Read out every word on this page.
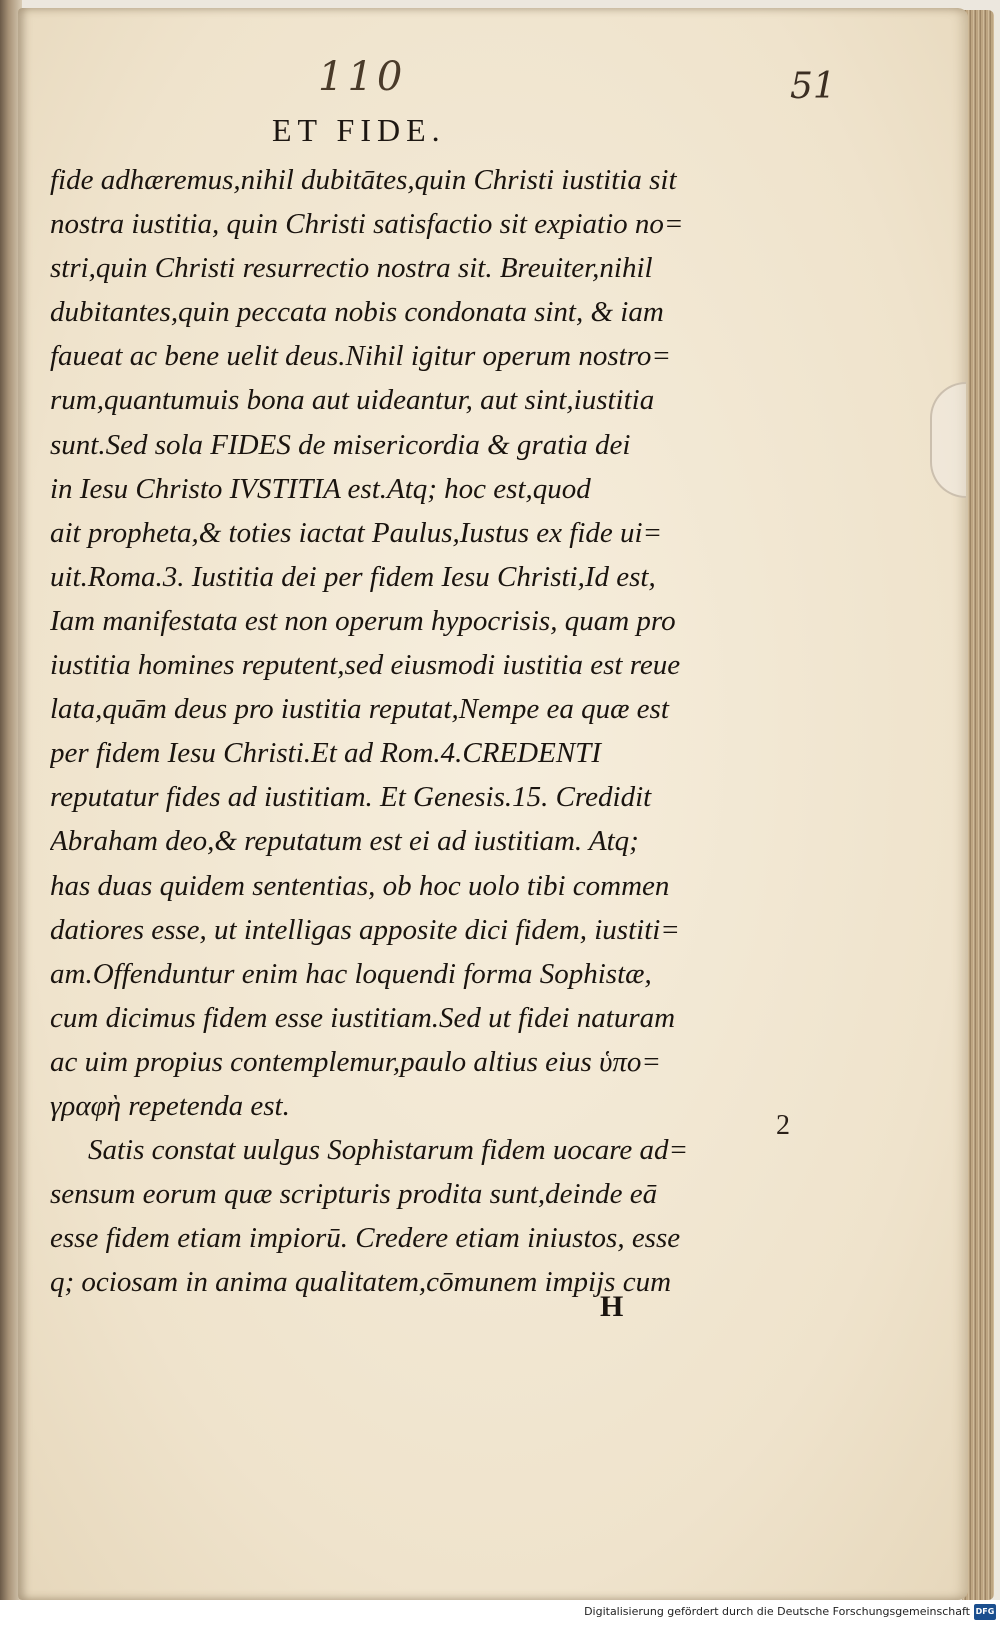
110	51
ET FIDE.
fide adhæremus,nihil dubitātes,quin Christi iustitia sit
nostra iustitia, quin Christi satisfactio sit expiatio no=
stri,quin Christi resurrectio nostra sit. Breuiter,nihil
dubitantes,quin peccata nobis condonata sint, & iam
faueat ac bene uelit deus.Nihil igitur operum nostro=
rum,quantumuis bona aut uideantur, aut sint,iustitia
sunt.Sed sola FIDES de misericordia & gratia dei
in Iesu Christo IVSTITIA est.Atq; hoc est,quod
ait propheta,& toties iactat Paulus,Iustus ex fide ui=
uit.Roma.3. Iustitia dei per fidem Iesu Christi,Id est,
Iam manifestata est non operum hypocrisis, quam pro
iustitia homines reputent,sed eiusmodi iustitia est reue
lata,quām deus pro iustitia reputat,Nempe ea quæ est
per fidem Iesu Christi.Et ad Rom.4.CREDENTI
reputatur fides ad iustitiam. Et Genesis.15. Credidit
Abraham deo,& reputatum est ei ad iustitiam. Atq;
has duas quidem sententias, ob hoc uolo tibi commen
datiores esse, ut intelligas apposite dici fidem, iustiti=
am.Offenduntur enim hac loquendi forma Sophistæ,
cum dicimus fidem esse iustitiam.Sed ut fidei naturam
ac uim propius contemplemur,paulo altius eius ὑπο=
γραφὴ repetenda est.
Satis constat uulgus Sophistarum fidem uocare ad=
sensum eorum quæ scripturis prodita sunt,deinde eā
esse fidem etiam impiorū. Credere etiam iniustos, esse
q; ociosam in anima qualitatem,cōmunem impijs cum
2
H
Digitalisierung gefördert durch die Deutsche Forschungsgemeinschaft DFG
